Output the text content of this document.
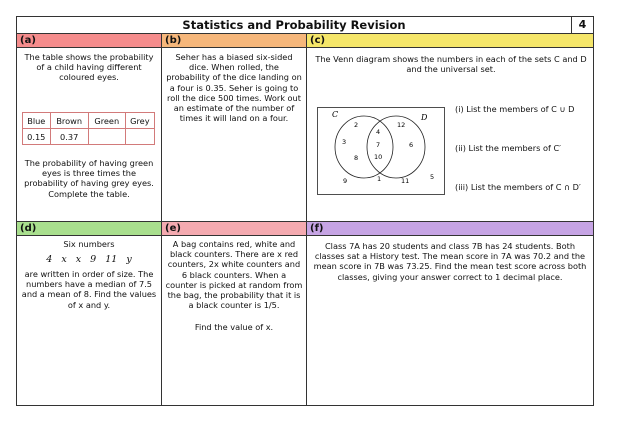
Statistics and Probability Revision	4
(a)
The table shows the probability of a child having different coloured eyes.
Blue	Brown	Green	Grey
0.15	0.37		
The probability of having green eyes is three times the probability of having grey eyes. Complete the table.
(b)
Seher has a biased six-sided dice. When rolled, the probability of the dice landing on a four is 0.35. Seher is going to roll the dice 500 times. Work out an estimate of the number of times it will land on a four.
(c)
The Venn diagram shows the numbers in each of the sets C and D and the universal set.
C	D
2
3
8
4
7
10
12
6
9	1	11	5
(i) List the members of C ∪ D
(ii) List the members of C′
(iii) List the members of C ∩ D′
(d)
Six numbers
4   x   x   9   11   y
are written in order of size. The numbers have a median of 7.5 and a mean of 8. Find the values of x and y.
(e)
A bag contains red, white and black counters. There are x red counters, 2x white counters and 6 black counters. When a counter is picked at random from the bag, the probability that it is a black counter is 1/5.
Find the value of x.
(f)
Class 7A has 20 students and class 7B has 24 students. Both classes sat a History test. The mean score in 7A was 70.2 and the mean score in 7B was 73.25. Find the mean test score across both classes, giving your answer correct to 1 decimal place.
